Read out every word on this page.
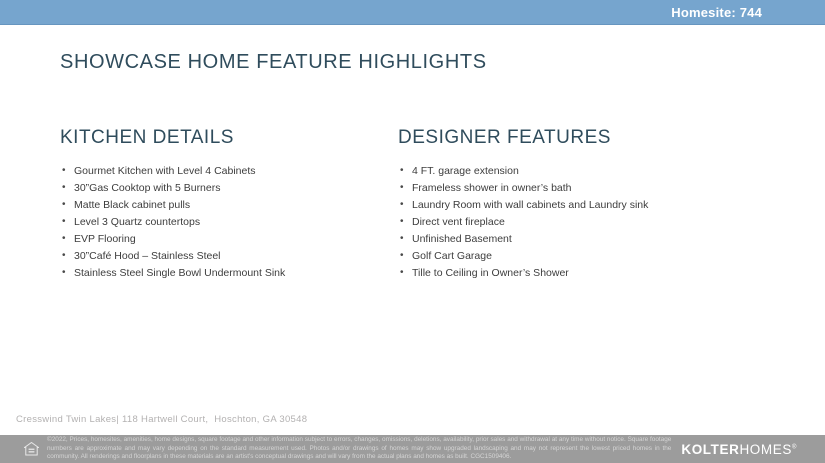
Homesite: 744
SHOWCASE HOME FEATURE HIGHLIGHTS
KITCHEN DETAILS
• Gourmet Kitchen with Level 4 Cabinets
• 30”Gas Cooktop with 5 Burners
• Matte Black cabinet pulls
• Level 3 Quartz countertops
• EVP Flooring
• 30”Café Hood – Stainless Steel
• Stainless Steel Single Bowl Undermount Sink
DESIGNER FEATURES
• 4 FT. garage extension
• Frameless shower in owner’s bath
• Laundry Room with wall cabinets and Laundry sink
• Direct vent fireplace
• Unfinished Basement
• Golf Cart Garage
• Tille to Ceiling in Owner’s Shower
Cresswind Twin Lakes| 118 Hartwell Court,  Hoschton, GA 30548
©2022, Prices, homesites, amenities, home designs, square footage and other information subject to errors, changes, omissions, deletions, availability, prior sales and withdrawal at any time without notice. Square footage numbers are approximate and may vary depending on the standard measurement used. Photos and/or drawings of homes may show upgraded landscaping and may not represent the lowest priced homes in the community. All renderings and floorplans in these materials are an artist's conceptual drawings and will vary from the actual plans and homes as built. CGC1509406.
KOLTERHOMES®
